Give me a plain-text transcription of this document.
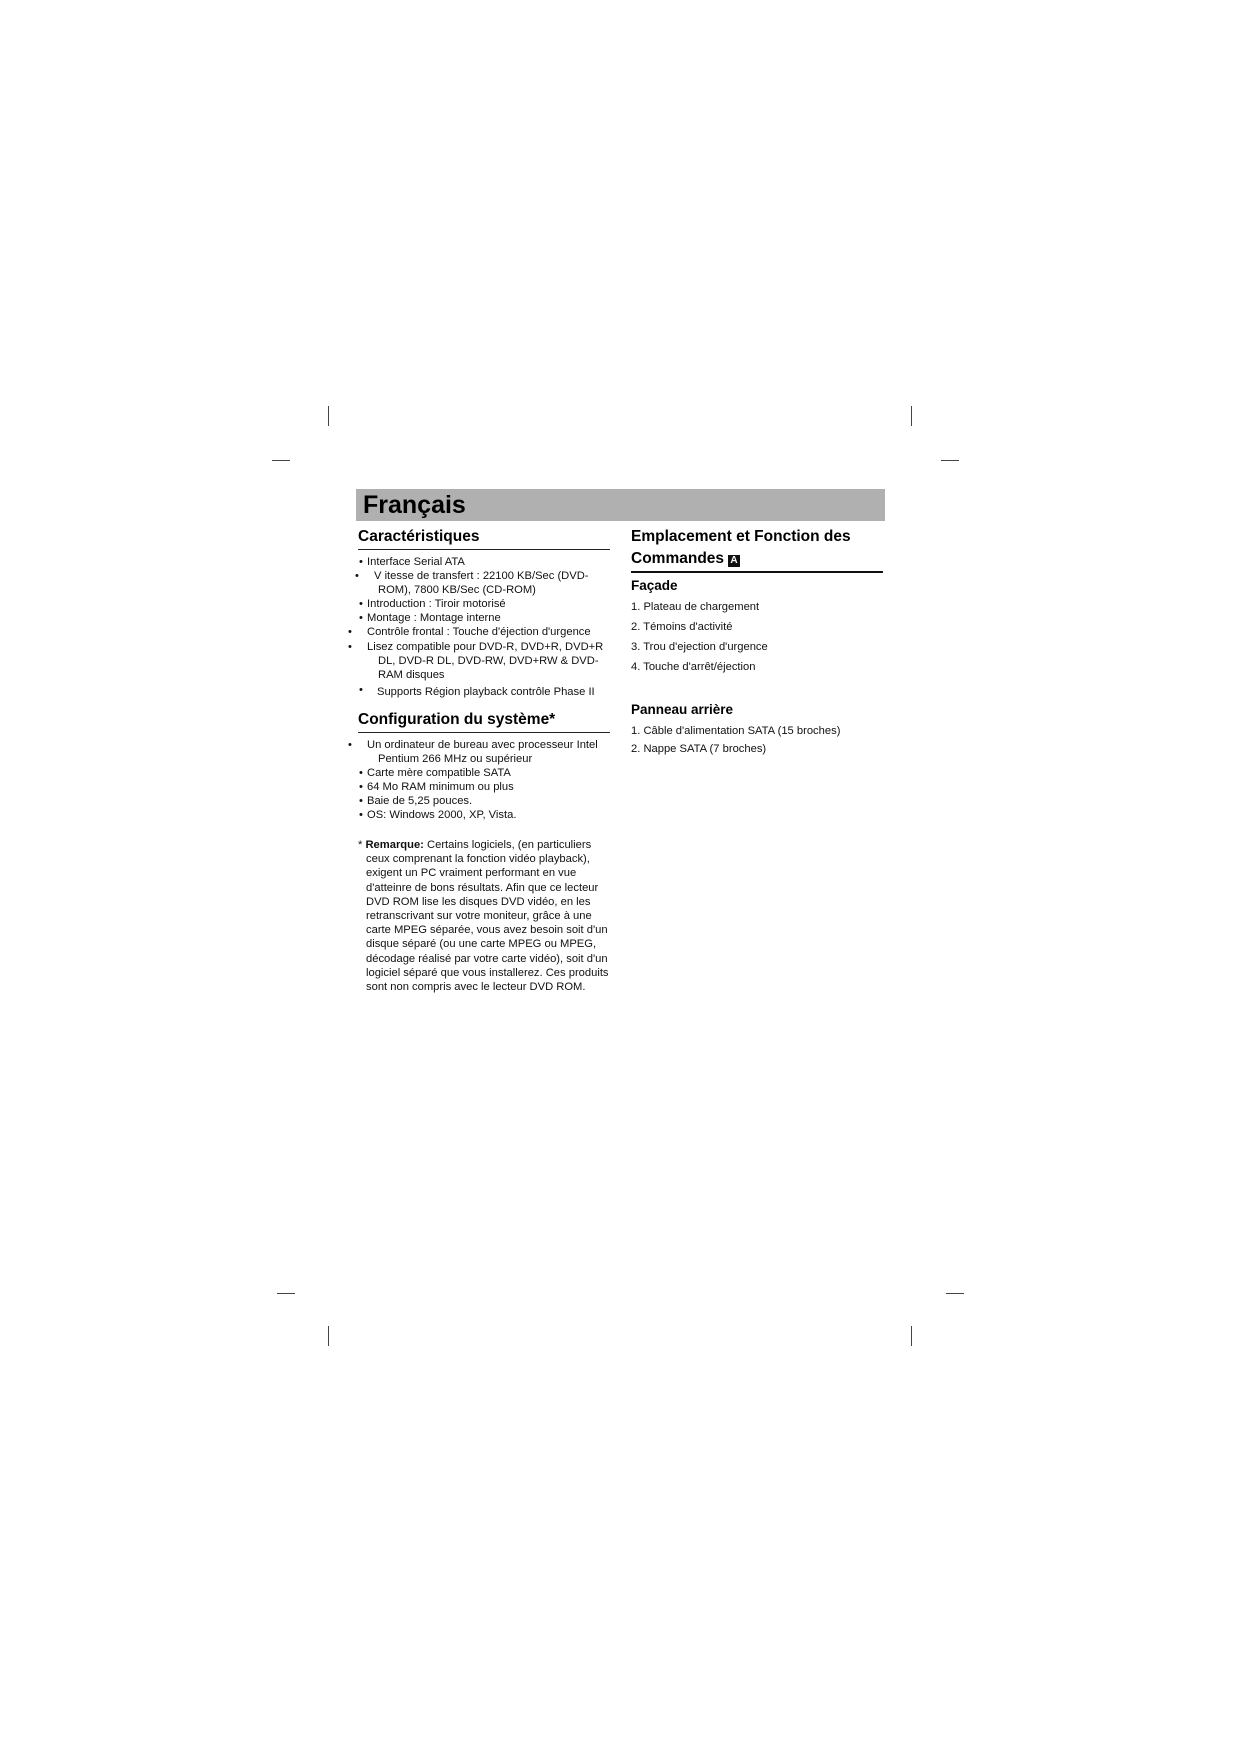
Français
Caractéristiques
• Interface Serial ATA
• V itesse de transfert : 22100 KB/Sec (DVD-ROM), 7800 KB/Sec (CD-ROM)
• Introduction : Tiroir motorisé
• Montage : Montage interne
•	Contrôle frontal : Touche d'éjection d'urgence
•	Lisez compatible pour DVD-R, DVD+R, DVD+R DL, DVD-R DL, DVD-RW, DVD+RW & DVD-RAM disques
• Supports Région playback contrôle Phase II
Configuration du système*
•	Un ordinateur de bureau avec processeur Intel Pentium 266 MHz ou supérieur
• Carte mère compatible SATA
• 64 Mo RAM minimum ou plus
• Baie de 5,25 pouces.
• OS: Windows 2000, XP, Vista.

* Remarque: Certains logiciels, (en particuliers ceux comprenant la fonction vidéo playback), exigent un PC vraiment performant en vue d'atteinre de bons résultats. Afin que ce lecteur DVD ROM lise les disques DVD vidéo, en les retranscrivant sur votre moniteur, grâce à une carte MPEG séparée, vous avez besoin soit d'un disque séparé (ou une carte MPEG ou MPEG, décodage réalisé par votre carte vidéo), soit d'un logiciel séparé que vous installerez. Ces produits sont non compris avec le lecteur DVD ROM.

Emplacement et Fonction des
Commandes A
Façade
1. Plateau de chargement
2. Témoins d'activité
3. Trou d'ejection d'urgence
4. Touche d'arrêt/éjection
Panneau arrière
1. Câble d'alimentation SATA (15 broches)
2. Nappe SATA (7 broches)
